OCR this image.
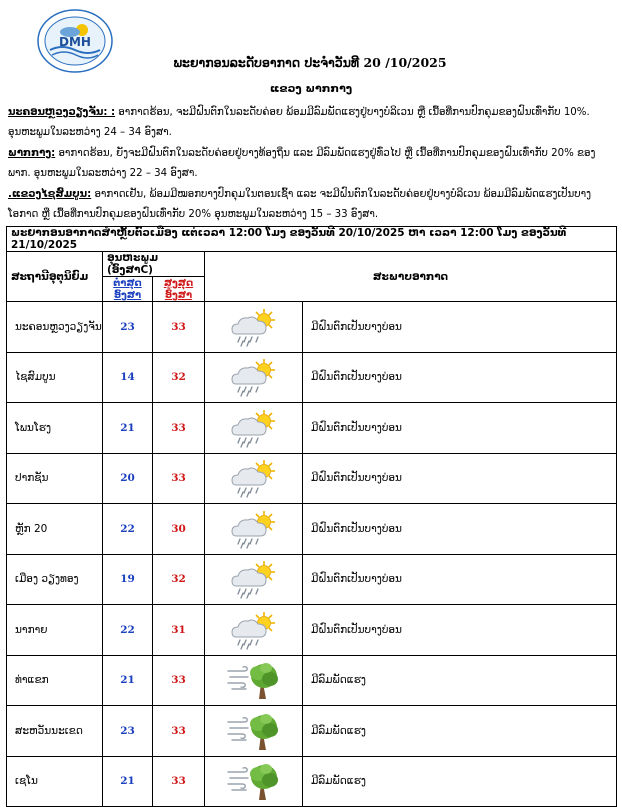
DMH
ພະຍາກອນລະດັບອາກາດ ປະຈຳວັນທີ 20 /10/2025
ແຂວງ ພາກກາງ
ນະຄອນຫຼວງວຽງຈັນ: : ອາກາດຮ້ອນ, ຈະມີຝົນຕົກໃນລະດັບຄ່ອຍ ພ້ອມມີລົມພັດແຮງຢູ່ບາງບໍລິເວນ ຫຼື ເນື້ອທີ່ການປົກຄຸມຂອງຝົນເທົ່າກັບ 10%. ອຸນຫະພູມໃນລະຫວ່າງ 24 – 34 ອົງສາ.
ພາກກາງ: ອາກາດຮ້ອນ, ຍັງຈະມີຝົນຕົກໃນລະດັບຄ່ອຍຢູ່ບາງທ້ອງຖິ່ນ ແລະ ມີລົມພັດແຮງຢູ່ທົ່ວໄປ ຫຼື ເນື້ອທີ່ການປົກຄຸມຂອງຝົນເທົ່າກັບ 20% ຂອງພາກ. ອຸນຫະພູມໃນລະຫວ່າງ 22 – 34 ອົງສາ.
.ແຂວງໄຊສົມບູນ: ອາກາດເຢັນ, ພ້ອມມີໝອກບາງປົກຄຸມໃນຕອນເຊົ້າ ແລະ ຈະມີຝົນຕົກໃນລະດັບຄ່ອຍຢູ່ບາງບໍລິເວນ ພ້ອມມີລົມພັດແຮງເປັນບາງໂອກາດ ຫຼື ເນື້ອທີ່ການປົກຄຸມຂອງຝົນເທົ່າກັບ 20% ອຸນຫະພູມໃນລະຫວ່າງ 15 – 33 ອົງສາ.
ພະຍາກອນອາກາດສຳຫຼັບຕົວເມືອງ ແຕ່ເວລາ 12:00 ໂມງ ຂອງວັນທີ 20/10/2025 ຫາ ເວລາ 12:00 ໂມງ ຂອງວັນທີ 21/10/2025				
ສະຖານີອຸຕຸນິຍົມ	ອຸນຫະພູມ (ອົງສາC)		ສະພາບອາກາດ	
	ຕ່ຳສຸດອົງສາ	ສູງສຸດອົງສາ		
ນະຄອນຫຼວງວຽງຈັນ	23	33		ມີຝົນຕົກເປັນບາງບ່ອນ
ໄຊສົມບູນ	14	32		ມີຝົນຕົກເປັນບາງບ່ອນ
ໂພນໂຮງ	21	33		ມີຝົນຕົກເປັນບາງບ່ອນ
ປາກຊັນ	20	33		ມີຝົນຕົກເປັນບາງບ່ອນ
ຫຼັກ 20	22	30		ມີຝົນຕົກເປັນບາງບ່ອນ
ເມືອງ ວຽງທອງ	19	32		ມີຝົນຕົກເປັນບາງບ່ອນ
ນາກາຍ	22	31		ມີຝົນຕົກເປັນບາງບ່ອນ
ທ່າແຂກ	21	33		ມີລົມພັດແຮງ
ສະຫວັນນະເຂດ	23	33		ມີລົມພັດແຮງ
ເຊໂນ	21	33		ມີລົມພັດແຮງ
